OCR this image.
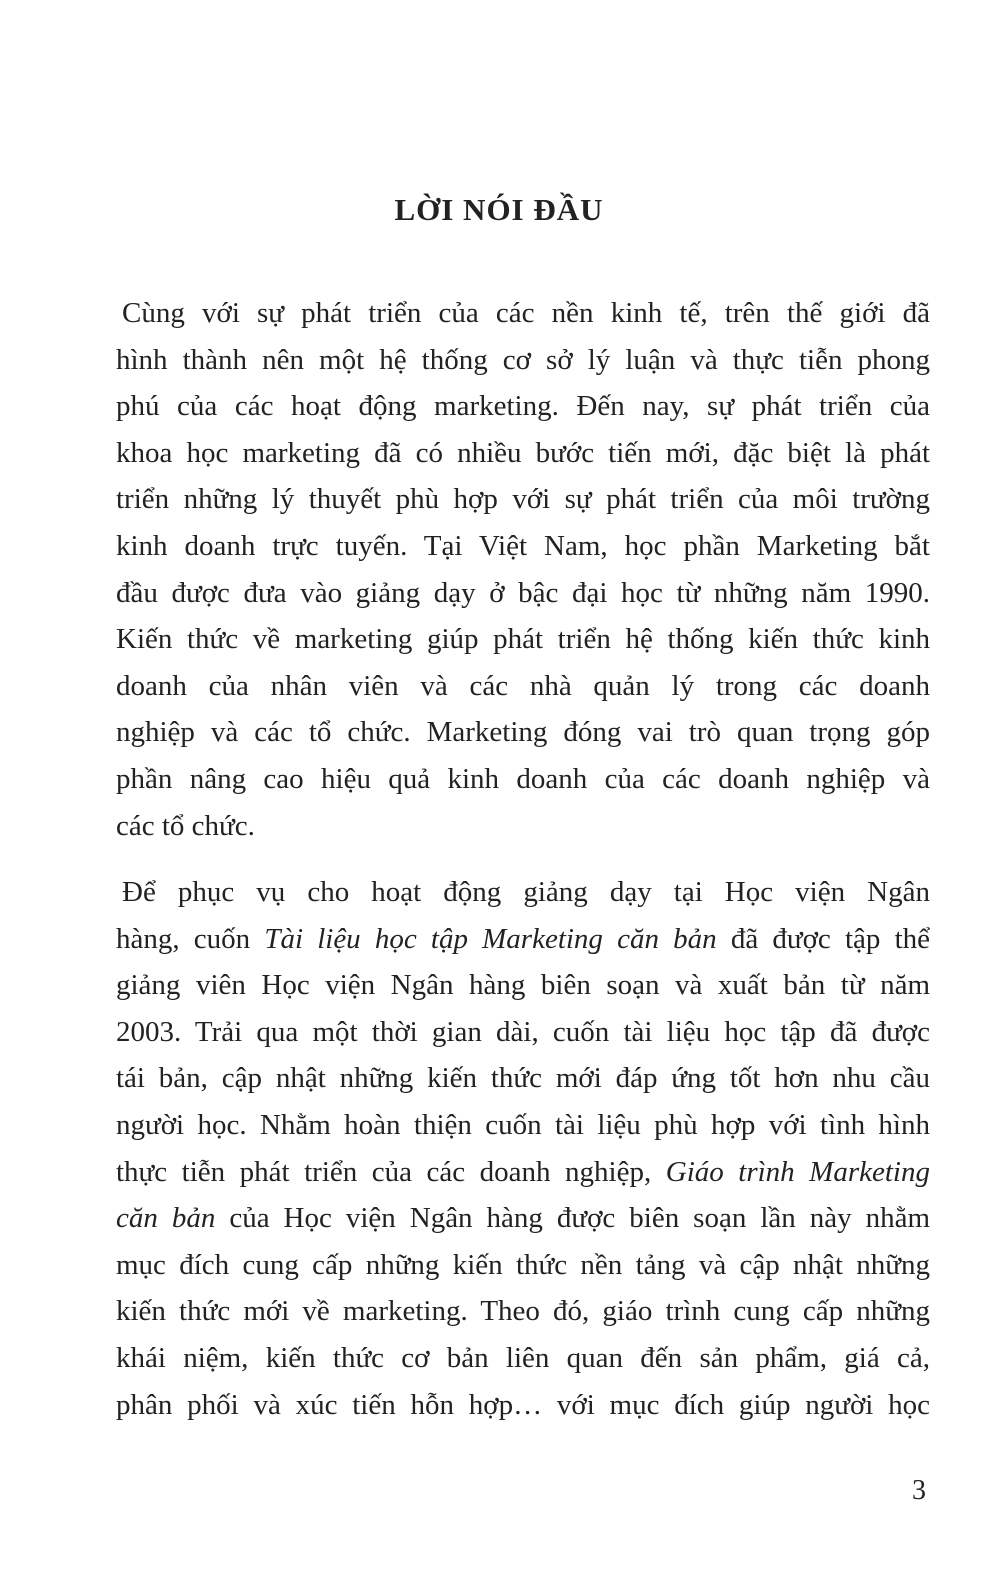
LỜI NÓI ĐẦU
Cùng với sự phát triển của các nền kinh tế, trên thế giới đã
hình thành nên một hệ thống cơ sở lý luận và thực tiễn phong
phú của các hoạt động marketing. Đến nay, sự phát triển của
khoa học marketing đã có nhiều bước tiến mới, đặc biệt là phát
triển những lý thuyết phù hợp với sự phát triển của môi trường
kinh doanh trực tuyến. Tại Việt Nam, học phần Marketing bắt
đầu được đưa vào giảng dạy ở bậc đại học từ những năm 1990.
Kiến thức về marketing giúp phát triển hệ thống kiến thức kinh
doanh của nhân viên và các nhà quản lý trong các doanh
nghiệp và các tổ chức. Marketing đóng vai trò quan trọng góp
phần nâng cao hiệu quả kinh doanh của các doanh nghiệp và
các tổ chức.
Để phục vụ cho hoạt động giảng dạy tại Học viện Ngân
hàng, cuốn Tài liệu học tập Marketing căn bản đã được tập thể
giảng viên Học viện Ngân hàng biên soạn và xuất bản từ năm
2003. Trải qua một thời gian dài, cuốn tài liệu học tập đã được
tái bản, cập nhật những kiến thức mới đáp ứng tốt hơn nhu cầu
người học. Nhằm hoàn thiện cuốn tài liệu phù hợp với tình hình
thực tiễn phát triển của các doanh nghiệp, Giáo trình Marketing
căn bản của Học viện Ngân hàng được biên soạn lần này nhằm
mục đích cung cấp những kiến thức nền tảng và cập nhật những
kiến thức mới về marketing. Theo đó, giáo trình cung cấp những
khái niệm, kiến thức cơ bản liên quan đến sản phẩm, giá cả,
phân phối và xúc tiến hỗn hợp… với mục đích giúp người học

3
